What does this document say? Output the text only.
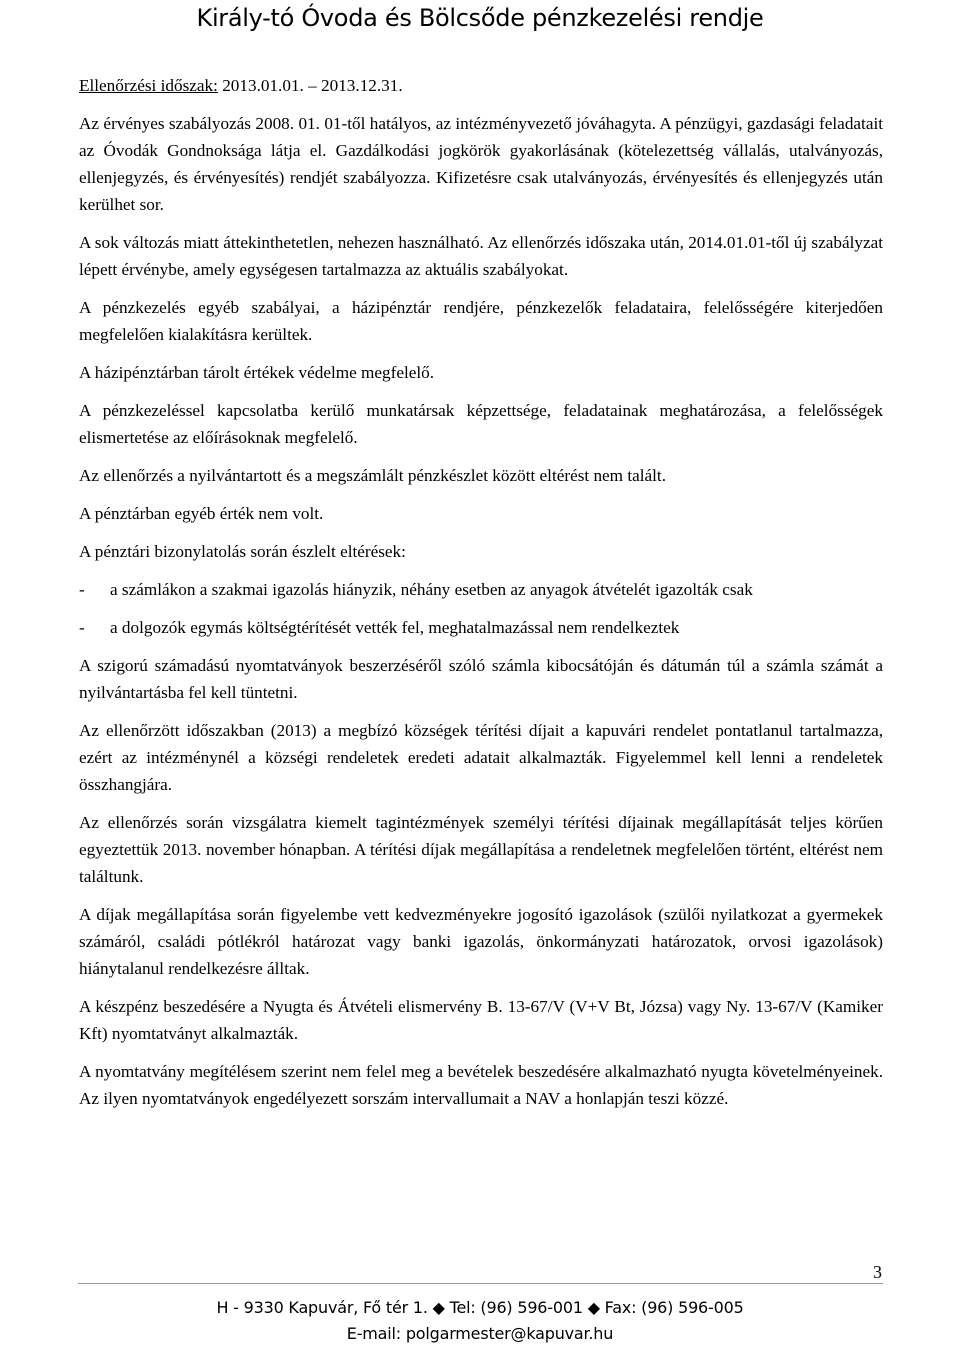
Király-tó Óvoda és Bölcsőde pénzkezelési rendje

Ellenőrzési időszak: 2013.01.01. – 2013.12.31.

Az érvényes szabályozás 2008. 01. 01-től hatályos, az intézményvezető jóváhagyta. A pénzügyi, gazdasági feladatait az Óvodák Gondnoksága látja el. Gazdálkodási jogkörök gyakorlásának (kötelezettség vállalás, utalványozás, ellenjegyzés, és érvényesítés) rendjét szabályozza. Kifizetésre csak utalványozás, érvényesítés és ellenjegyzés után kerülhet sor.

A sok változás miatt áttekinthetetlen, nehezen használható. Az ellenőrzés időszaka után, 2014.01.01-től új szabályzat lépett érvénybe, amely egységesen tartalmazza az aktuális szabályokat.

A pénzkezelés egyéb szabályai, a házipénztár rendjére, pénzkezelők feladataira, felelősségére kiterjedően megfelelően kialakításra kerültek.

A házipénztárban tárolt értékek védelme megfelelő.

A pénzkezeléssel kapcsolatba kerülő munkatársak képzettsége, feladatainak meghatározása, a felelősségek elismertetése az előírásoknak megfelelő.

Az ellenőrzés a nyilvántartott és a megszámlált pénzkészlet között eltérést nem talált.

A pénztárban egyéb érték nem volt.

A pénztári bizonylatolás során észlelt eltérések:

-	a számlákon a szakmai igazolás hiányzik, néhány esetben az anyagok átvételét igazolták csak
-	a dolgozók egymás költségtérítését vették fel, meghatalmazással nem rendelkeztek

A szigorú számadású nyomtatványok beszerzéséről szóló számla kibocsátóján és dátumán túl a számla számát a nyilvántartásba fel kell tüntetni.

Az ellenőrzött időszakban (2013) a megbízó községek térítési díjait a kapuvári rendelet pontatlanul tartalmazza, ezért az intézménynél a községi rendeletek eredeti adatait alkalmazták. Figyelemmel kell lenni a rendeletek összhangjára.

Az ellenőrzés során vizsgálatra kiemelt tagintézmények személyi térítési díjainak megállapítását teljes körűen egyeztettük 2013. november hónapban. A térítési díjak megállapítása a rendeletnek megfelelően történt, eltérést nem találtunk.

A díjak megállapítása során figyelembe vett kedvezményekre jogosító igazolások (szülői nyilatkozat a gyermekek számáról, családi pótlékról határozat vagy banki igazolás, önkormányzati határozatok, orvosi igazolások) hiánytalanul rendelkezésre álltak.

A készpénz beszedésére a Nyugta és Átvételi elismervény B. 13-67/V (V+V Bt, Józsa) vagy Ny. 13-67/V (Kamiker Kft) nyomtatványt alkalmazták.

A nyomtatvány megítélésem szerint nem felel meg a bevételek beszedésére alkalmazható nyugta követelményeinek. Az ilyen nyomtatványok engedélyezett sorszám intervallumait a NAV a honlapján teszi közzé.

3
H - 9330 Kapuvár, Fő tér 1. ◆ Tel: (96) 596-001 ◆ Fax: (96) 596-005
E-mail: polgarmester@kapuvar.hu
